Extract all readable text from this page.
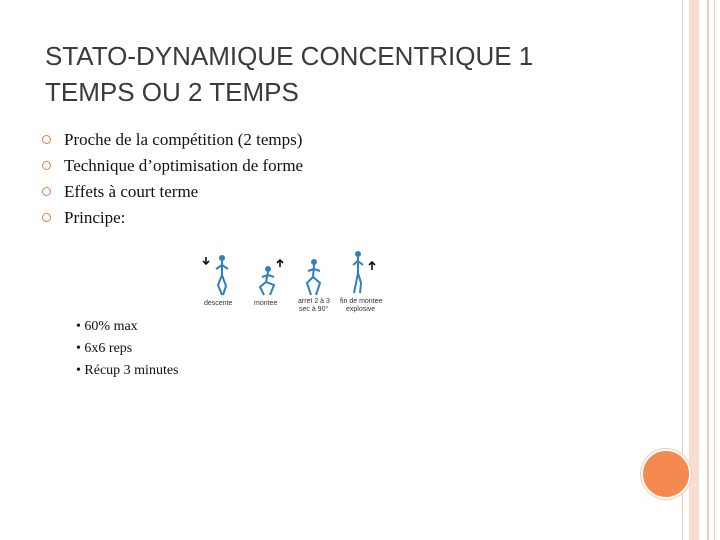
STATO-DYNAMIQUE CONCENTRIQUE 1
TEMPS OU 2 TEMPS
Proche de la compétition (2 temps)
Technique d’optimisation de forme
Effets à court terme
Principe:
descente	montee	arret 2 à 3
sec à 90°
fin de montee
explosive
• 60% max
• 6x6 reps
• Récup 3 minutes
